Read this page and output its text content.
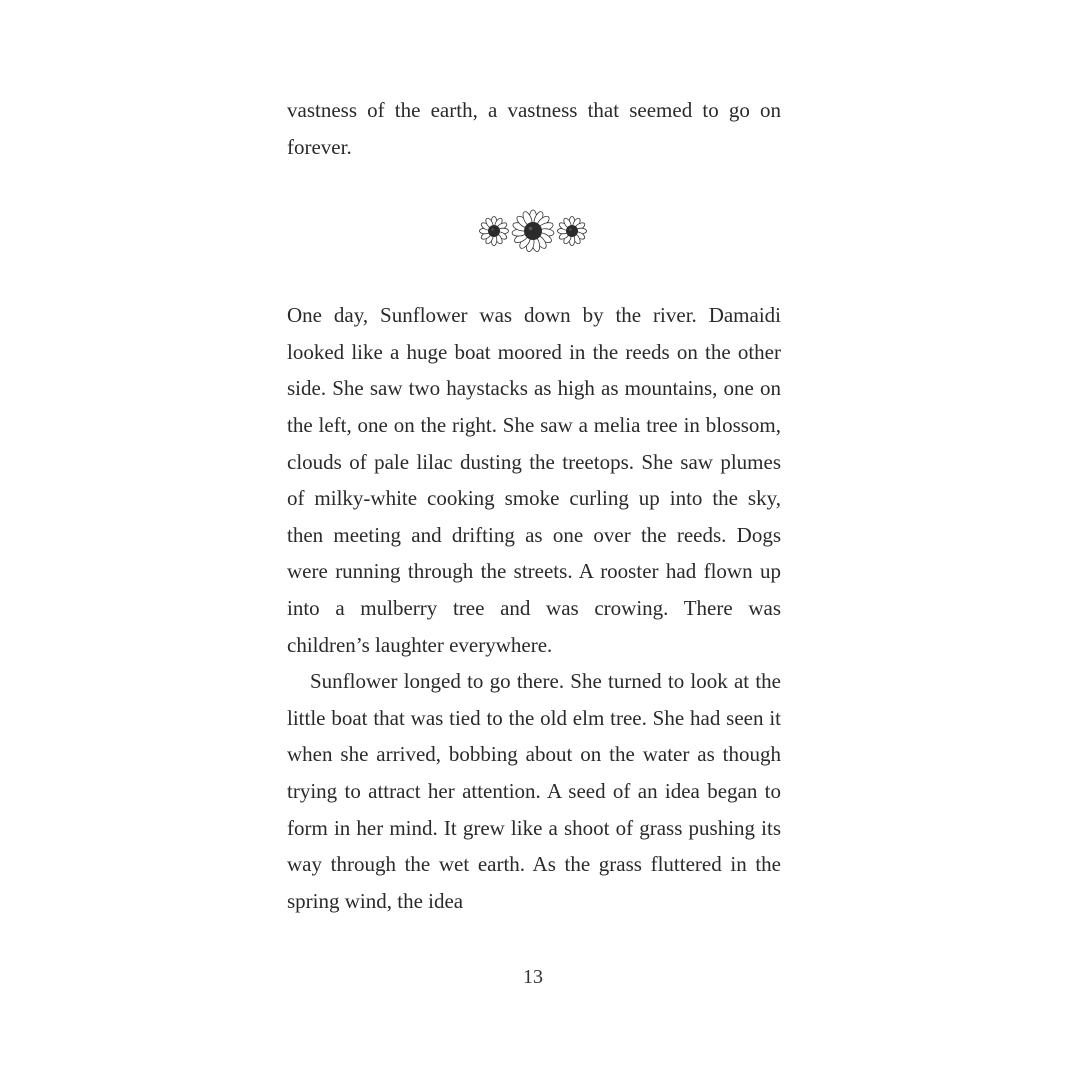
vastness of the earth, a vastness that seemed to go on forever.

One day, Sunflower was down by the river. Damaidi looked like a huge boat moored in the reeds on the other side. She saw two haystacks as high as mountains, one on the left, one on the right. She saw a melia tree in blossom, clouds of pale lilac dusting the treetops. She saw plumes of milky-white cooking smoke curling up into the sky, then meeting and drifting as one over the reeds. Dogs were running through the streets. A rooster had flown up into a mulberry tree and was crowing. There was children’s laughter everywhere.

Sunflower longed to go there. She turned to look at the little boat that was tied to the old elm tree. She had seen it when she arrived, bobbing about on the water as though trying to attract her attention. A seed of an idea began to form in her mind. It grew like a shoot of grass pushing its way through the wet earth. As the grass fluttered in the spring wind, the idea

13
